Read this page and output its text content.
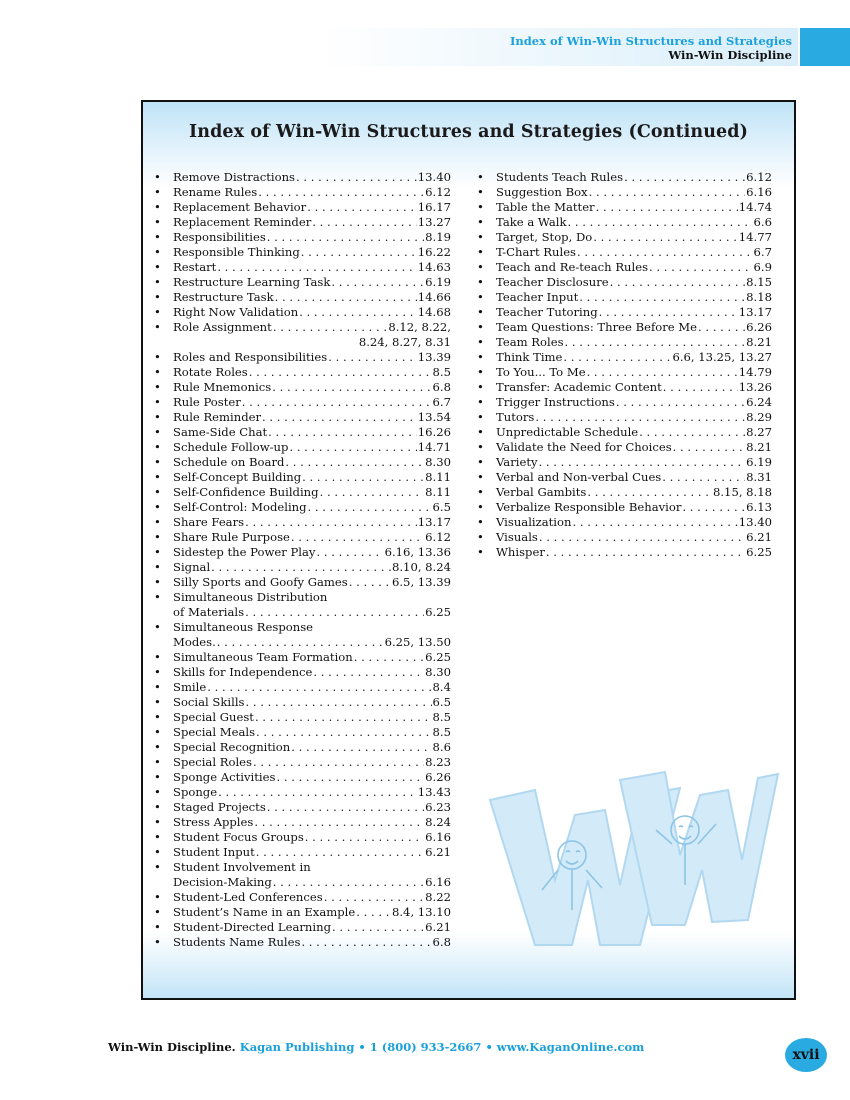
Index of Win-Win Structures and Strategies
Win-Win Discipline
Index of Win-Win Structures and Strategies (Continued)
•	Remove Distractions . . .	13.40
•	Rename Rules . . .	6.12
•	Replacement Behavior . . .	16.17
•	Replacement Reminder . . .	13.27
•	Responsibilities . . .	8.19
•	Responsible Thinking . . .	16.22
•	Restart . . .	14.63
•	Restructure Learning Task . . .	6.19
•	Restructure Task . . .	14.66
•	Right Now Validation . . .	14.68
•	Role Assignment . . .	8.12, 8.22,
8.24, 8.27, 8.31
•	Roles and Responsibilities . . .	13.39
•	Rotate Roles . . .	8.5
•	Rule Mnemonics . . .	6.8
•	Rule Poster . . .	6.7
•	Rule Reminder . . .	13.54
•	Same-Side Chat . . .	16.26
•	Schedule Follow-up . . .	14.71
•	Schedule on Board . . .	8.30
•	Self-Concept Building . . .	8.11
•	Self-Confidence Building . . .	8.11
•	Self-Control: Modeling . . .	6.5
•	Share Fears . . .	13.17
•	Share Rule Purpose . . .	6.12
•	Sidestep the Power Play . . .	6.16, 13.36
•	Signal . . .	8.10, 8.24
•	Silly Sports and Goofy Games . . .	6.5, 13.39
•	Simultaneous Distribution
of Materials . . .	6.25
•	Simultaneous Response
Modes. . . .	6.25, 13.50
•	Simultaneous Team Formation . . .	6.25
•	Skills for Independence . . .	8.30
•	Smile . . .	8.4
•	Social Skills . . .	6.5
•	Special Guest . . .	8.5
•	Special Meals . . .	8.5
•	Special Recognition . . .	8.6
•	Special Roles . . .	8.23
•	Sponge Activities . . .	6.26
•	Sponge . . .	13.43
•	Staged Projects . . .	6.23
•	Stress Apples . . .	8.24
•	Student Focus Groups . . .	6.16
•	Student Input . . .	6.21
•	Student Involvement in
Decision-Making . . .	6.16
•	Student-Led Conferences . . .	8.22
•	Student’s Name in an Example . . .	8.4, 13.10
•	Student-Directed Learning . . .	6.21
•	Students Name Rules . . .	6.8
•	Students Teach Rules . . .	6.12
•	Suggestion Box . . .	6.16
•	Table the Matter . . .	14.74
•	Take a Walk . . .	6.6
•	Target, Stop, Do . . .	14.77
•	T-Chart Rules . . .	6.7
•	Teach and Re-teach Rules . . .	6.9
•	Teacher Disclosure . . .	8.15
•	Teacher Input . . .	8.18
•	Teacher Tutoring . . .	13.17
•	Team Questions: Three Before Me . . .	6.26
•	Team Roles . . .	8.21
•	Think Time . . .	6.6, 13.25, 13.27
•	To You... To Me . . .	14.79
•	Transfer: Academic Content . . .	13.26
•	Trigger Instructions . . .	6.24
•	Tutors . . .	8.29
•	Unpredictable Schedule . . .	8.27
•	Validate the Need for Choices . . .	8.21
•	Variety . . .	6.19
•	Verbal and Non-verbal Cues . . .	8.31
•	Verbal Gambits . . .	8.15, 8.18
•	Verbalize Responsible Behavior . . .	6.13
•	Visualization . . .	13.40
•	Visuals . . .	6.21
•	Whisper . . .	6.25
Win-Win Discipline. Kagan Publishing • 1 (800) 933-2667 • www.KaganOnline.com	xvii
